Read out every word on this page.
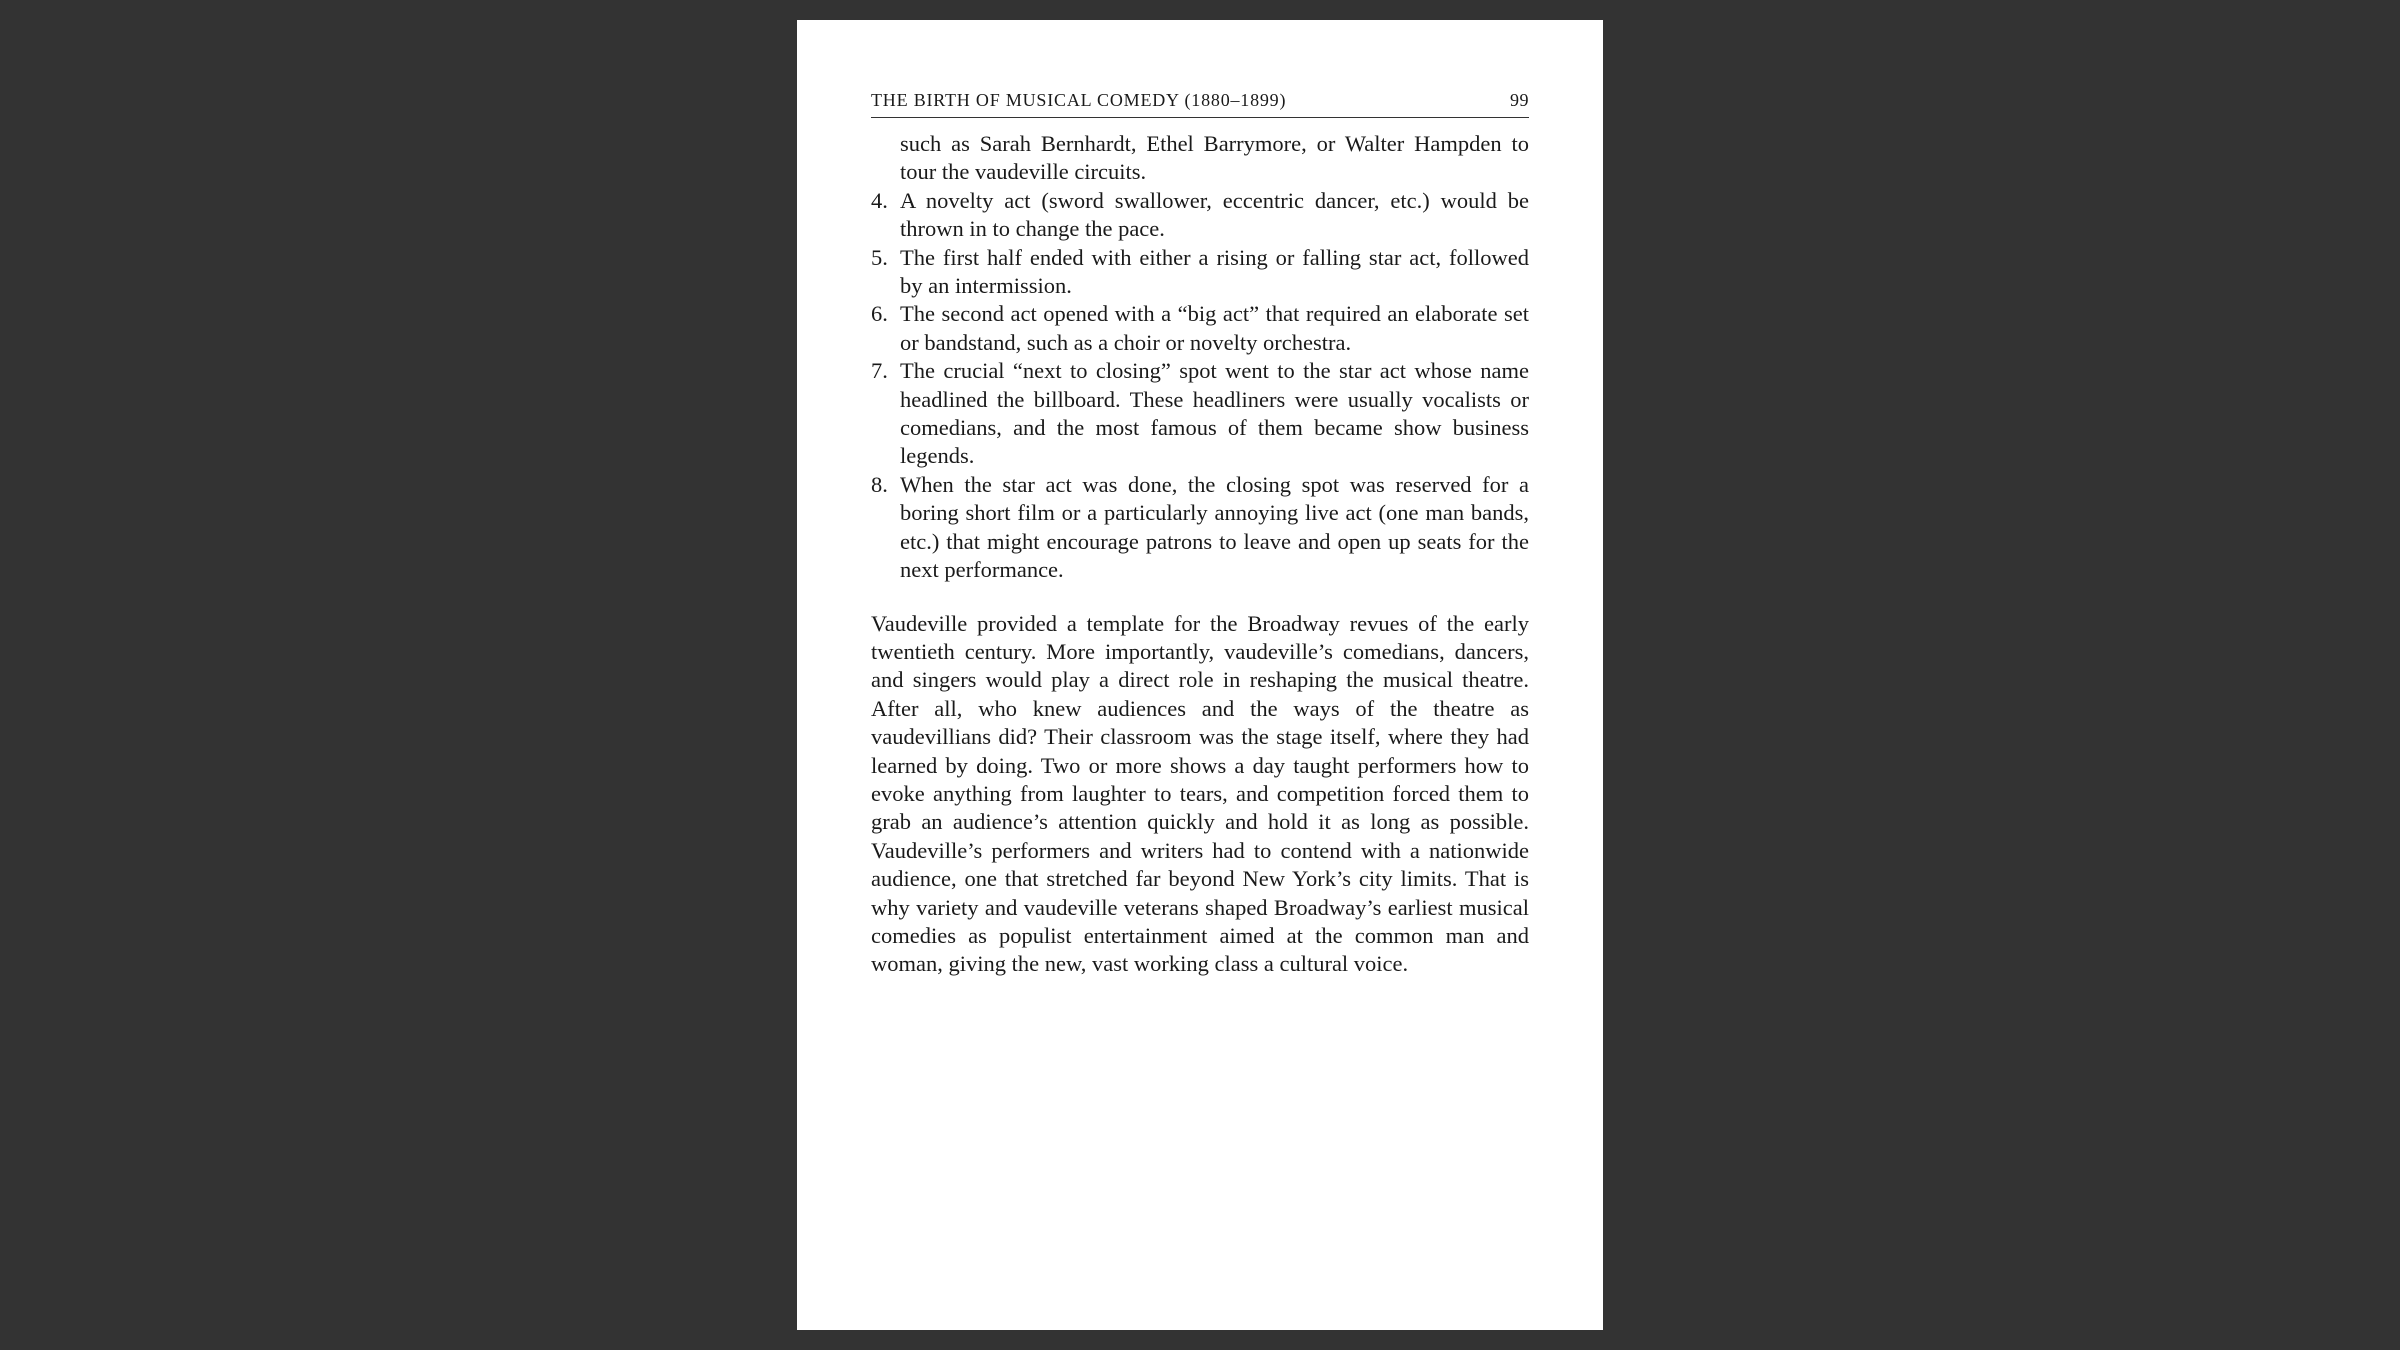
THE BIRTH OF MUSICAL COMEDY (1880–1899)	99
such as Sarah Bernhardt, Ethel Barrymore, or Walter Hampden to tour the vaudeville circuits.
4. A novelty act (sword swallower, eccentric dancer, etc.) would be thrown in to change the pace.
5. The first half ended with either a rising or falling star act, followed by an intermission.
6. The second act opened with a “big act” that required an elaborate set or bandstand, such as a choir or novelty orchestra.
7. The crucial “next to closing” spot went to the star act whose name headlined the billboard. These headliners were usually vocalists or comedians, and the most famous of them became show business legends.
8. When the star act was done, the closing spot was reserved for a boring short film or a particularly annoying live act (one man bands, etc.) that might encourage patrons to leave and open up seats for the next performance.

Vaudeville provided a template for the Broadway revues of the early twentieth century. More importantly, vaudeville’s comedians, dancers, and singers would play a direct role in reshaping the musical theatre. After all, who knew audiences and the ways of the theatre as vaudevillians did? Their classroom was the stage itself, where they had learned by doing. Two or more shows a day taught performers how to evoke anything from laughter to tears, and competition forced them to grab an audience’s attention quickly and hold it as long as possible. Vaudeville’s performers and writers had to contend with a nationwide audience, one that stretched far beyond New York’s city limits. That is why variety and vaudeville veterans shaped Broadway’s earliest musical comedies as populist entertainment aimed at the common man and woman, giving the new, vast working class a cultural voice.
